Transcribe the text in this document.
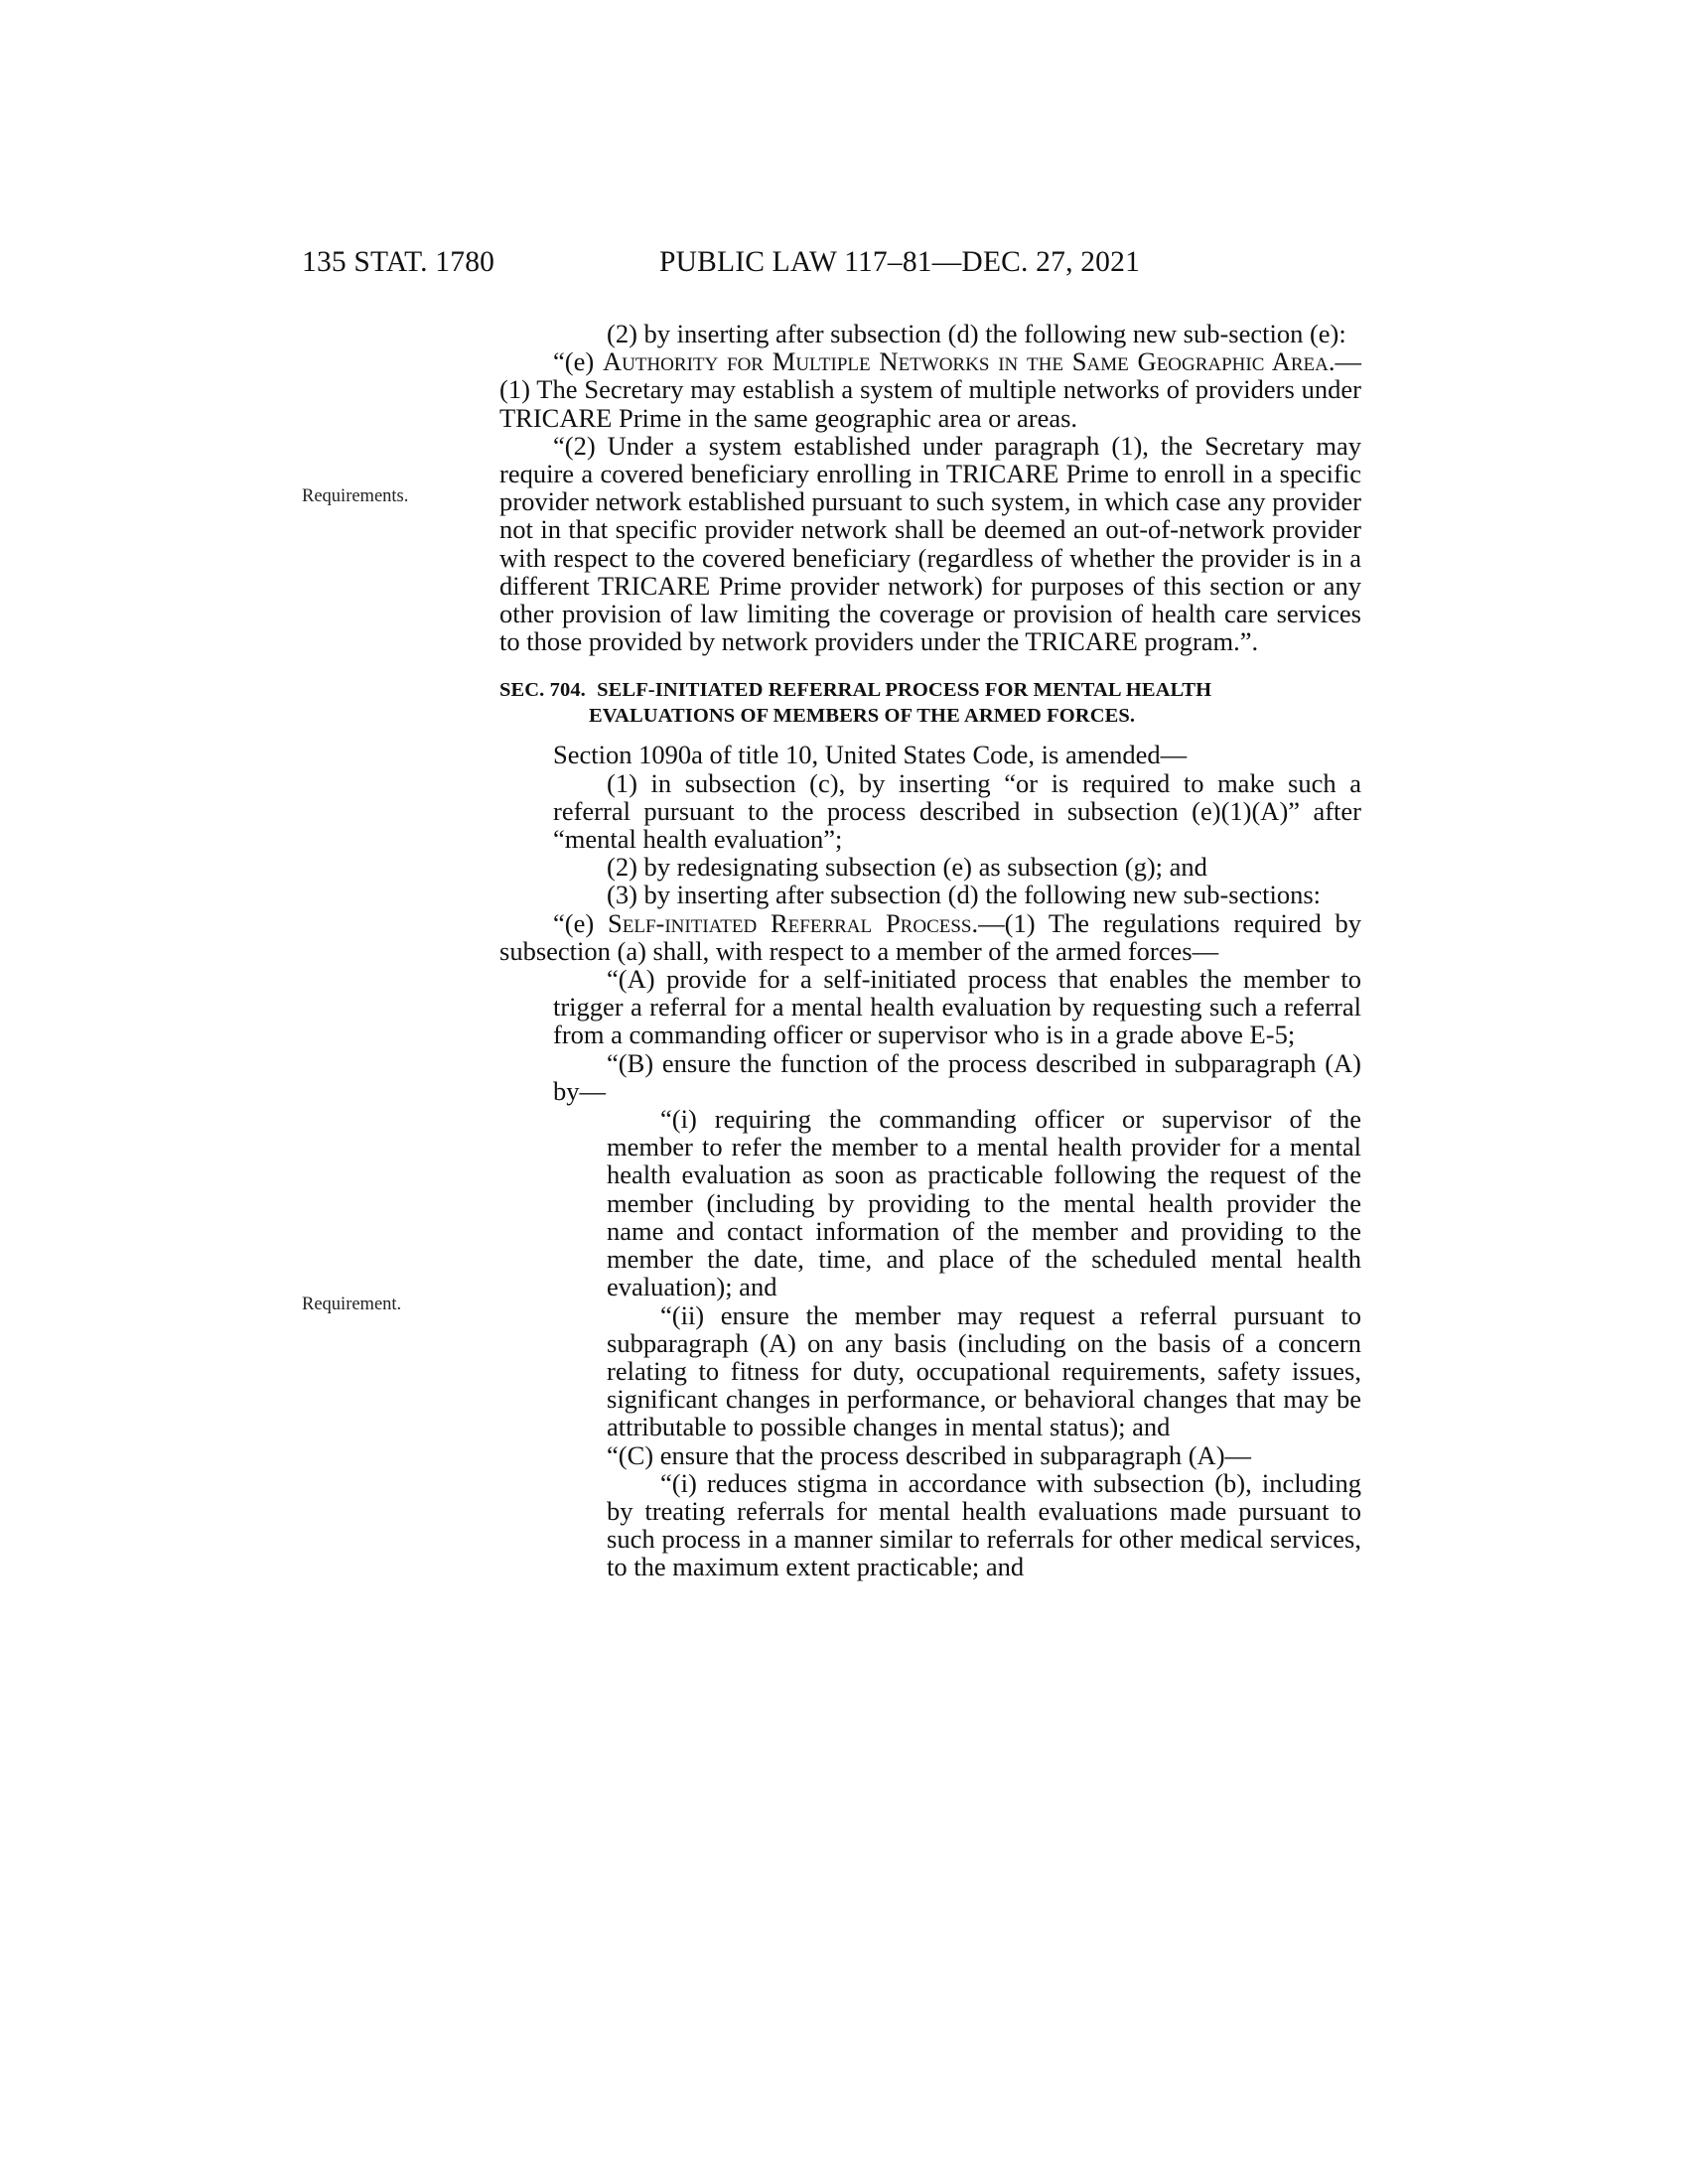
135 STAT. 1780	PUBLIC LAW 117–81—DEC. 27, 2021
Requirements.
Requirement.

(2) by inserting after subsection (d) the following new sub-section (e):

“(e) Authority for Multiple Networks in the Same Geographic Area.—(1) The Secretary may establish a system of multiple networks of providers under TRICARE Prime in the same geographic area or areas.

“(2) Under a system established under paragraph (1), the Secretary may require a covered beneficiary enrolling in TRICARE Prime to enroll in a specific provider network established pursuant to such system, in which case any provider not in that specific provider network shall be deemed an out-of-network provider with respect to the covered beneficiary (regardless of whether the provider is in a different TRICARE Prime provider network) for purposes of this section or any other provision of law limiting the coverage or provision of health care services to those provided by network providers under the TRICARE program.”.

SEC. 704. SELF-INITIATED REFERRAL PROCESS FOR MENTAL HEALTH EVALUATIONS OF MEMBERS OF THE ARMED FORCES.

Section 1090a of title 10, United States Code, is amended—

(1) in subsection (c), by inserting “or is required to make such a referral pursuant to the process described in subsection (e)(1)(A)” after “mental health evaluation”;

(2) by redesignating subsection (e) as subsection (g); and

(3) by inserting after subsection (d) the following new sub-sections:

“(e) Self-initiated Referral Process.—(1) The regulations required by subsection (a) shall, with respect to a member of the armed forces—

“(A) provide for a self-initiated process that enables the member to trigger a referral for a mental health evaluation by requesting such a referral from a commanding officer or supervisor who is in a grade above E-5;

“(B) ensure the function of the process described in subparagraph (A) by—

“(i) requiring the commanding officer or supervisor of the member to refer the member to a mental health provider for a mental health evaluation as soon as practicable following the request of the member (including by providing to the mental health provider the name and contact information of the member and providing to the member the date, time, and place of the scheduled mental health evaluation); and

“(ii) ensure the member may request a referral pursuant to subparagraph (A) on any basis (including on the basis of a concern relating to fitness for duty, occupational requirements, safety issues, significant changes in performance, or behavioral changes that may be attributable to possible changes in mental status); and

“(C) ensure that the process described in subparagraph (A)—

“(i) reduces stigma in accordance with subsection (b), including by treating referrals for mental health evaluations made pursuant to such process in a manner similar to referrals for other medical services, to the maximum extent practicable; and
